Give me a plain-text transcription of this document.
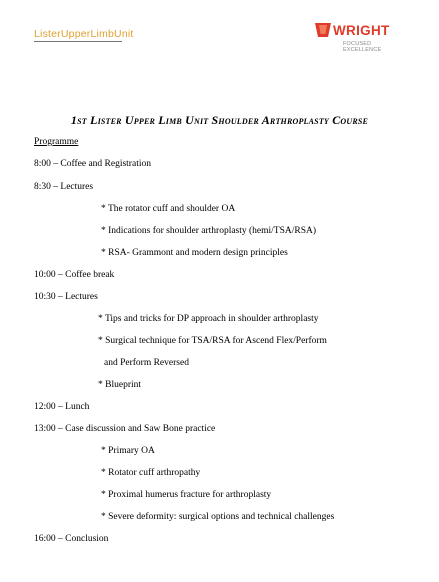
ListerUpperLimbUnit	WRIGHT
FOCUSED EXCELLENCE
1st Lister Upper Limb Unit Shoulder Arthroplasty Course
Programme
8:00 – Coffee and Registration
8:30 – Lectures
* The rotator cuff and shoulder OA
* Indications for shoulder arthroplasty (hemi/TSA/RSA)
* RSA- Grammont and modern design principles
10:00 – Coffee break
10:30 – Lectures
* Tips and tricks for DP approach in shoulder arthroplasty
* Surgical technique for TSA/RSA for Ascend Flex/Perform
and Perform Reversed
* Blueprint
12:00 – Lunch
13:00 – Case discussion and Saw Bone practice
* Primary OA
* Rotator cuff arthropathy
* Proximal humerus fracture for arthroplasty
* Severe deformity: surgical options and technical challenges
16:00 – Conclusion
